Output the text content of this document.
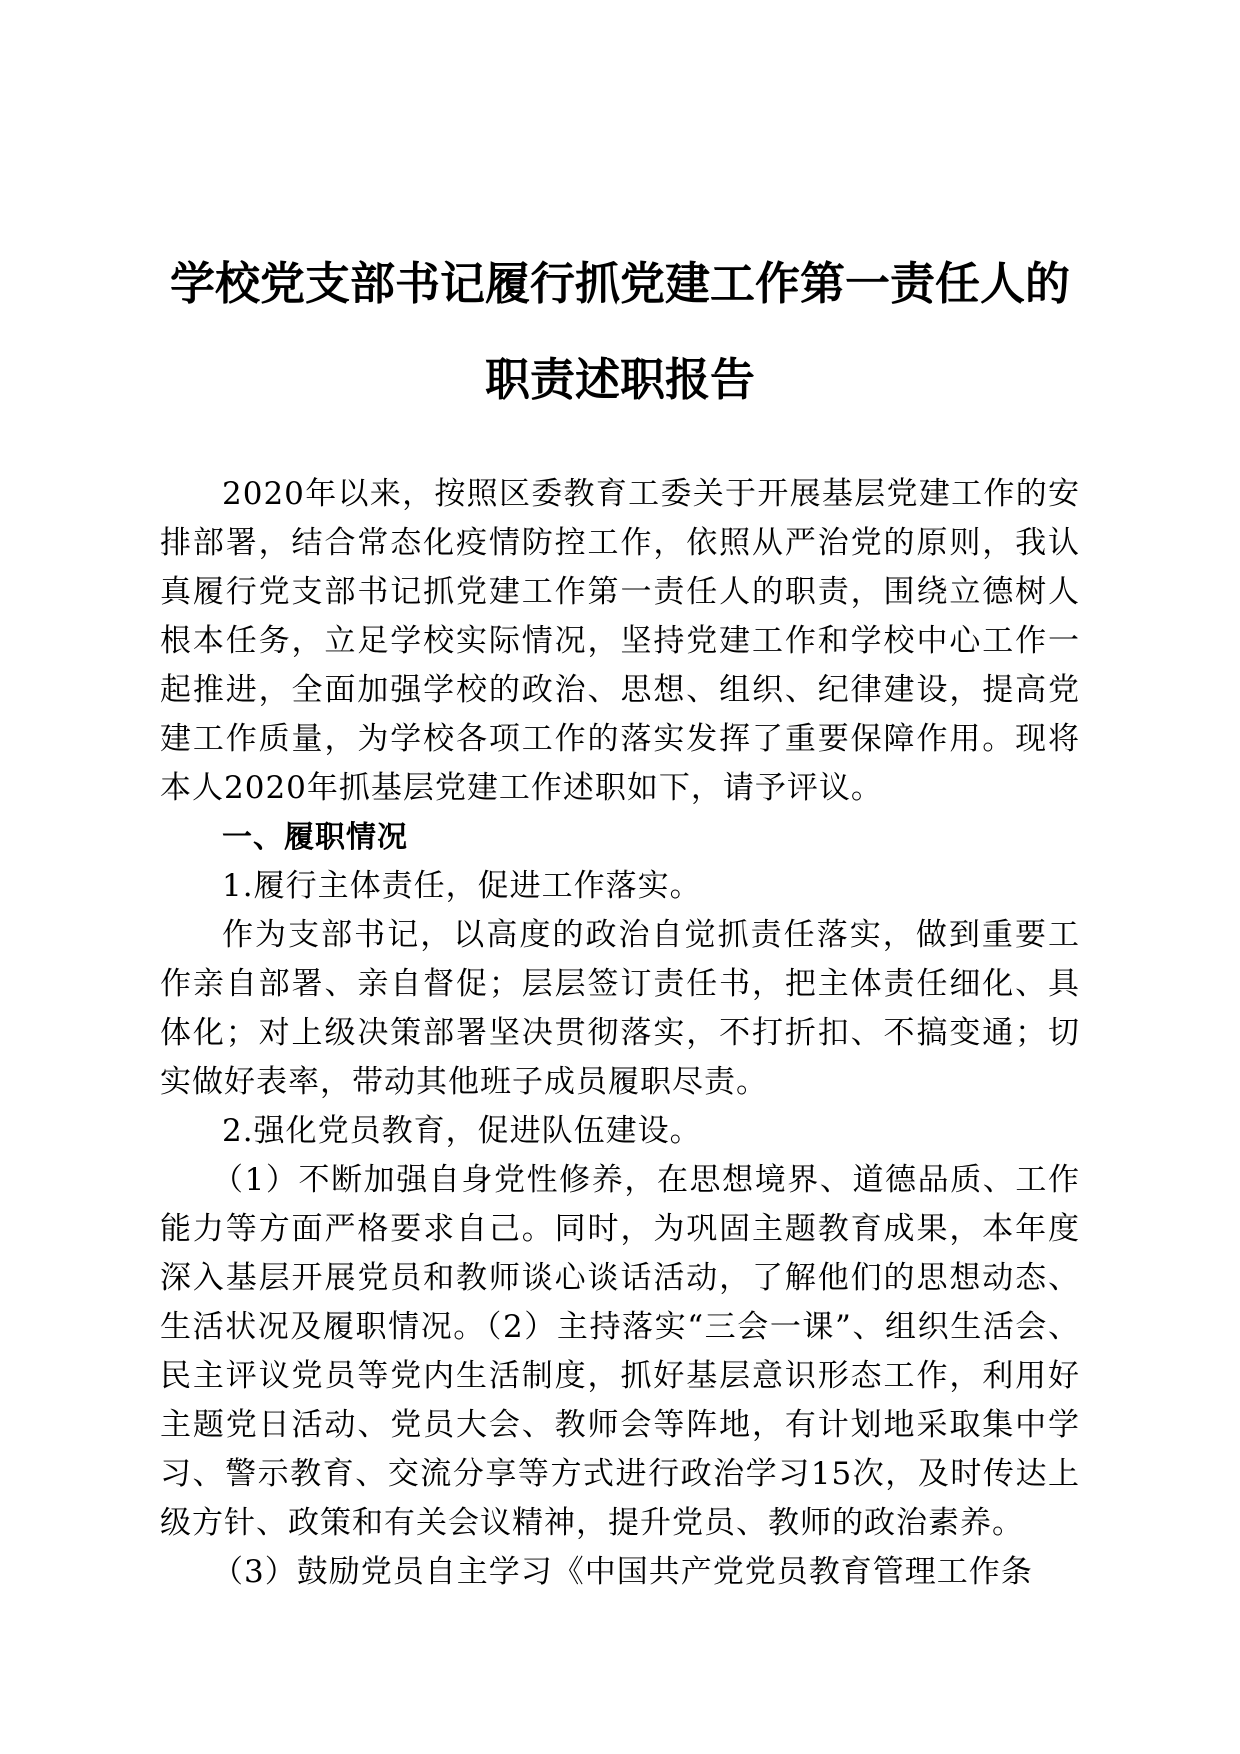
学校党支部书记履行抓党建工作第一责任人的
职责述职报告

2020年以来，按照区委教育工委关于开展基层党建工作的安排部署，结合常态化疫情防控工作，依照从严治党的原则，我认真履行党支部书记抓党建工作第一责任人的职责，围绕立德树人根本任务，立足学校实际情况，坚持党建工作和学校中心工作一起推进，全面加强学校的政治、思想、组织、纪律建设，提高党建工作质量，为学校各项工作的落实发挥了重要保障作用。现将本人2020年抓基层党建工作述职如下，请予评议。

一、履职情况

1.履行主体责任，促进工作落实。

作为支部书记，以高度的政治自觉抓责任落实，做到重要工作亲自部署、亲自督促；层层签订责任书，把主体责任细化、具体化；对上级决策部署坚决贯彻落实，不打折扣、不搞变通；切实做好表率，带动其他班子成员履职尽责。

2.强化党员教育，促进队伍建设。

（1）不断加强自身党性修养，在思想境界、道德品质、工作能力等方面严格要求自己。同时，为巩固主题教育成果，本年度深入基层开展党员和教师谈心谈话活动，了解他们的思想动态、生活状况及履职情况。（2）主持落实“三会一课”、组织生活会、民主评议党员等党内生活制度，抓好基层意识形态工作，利用好主题党日活动、党员大会、教师会等阵地，有计划地采取集中学习、警示教育、交流分享等方式进行政治学习15次，及时传达上级方针、政策和有关会议精神，提升党员、教师的政治素养。

（3）鼓励党员自主学习《中国共产党党员教育管理工作条
